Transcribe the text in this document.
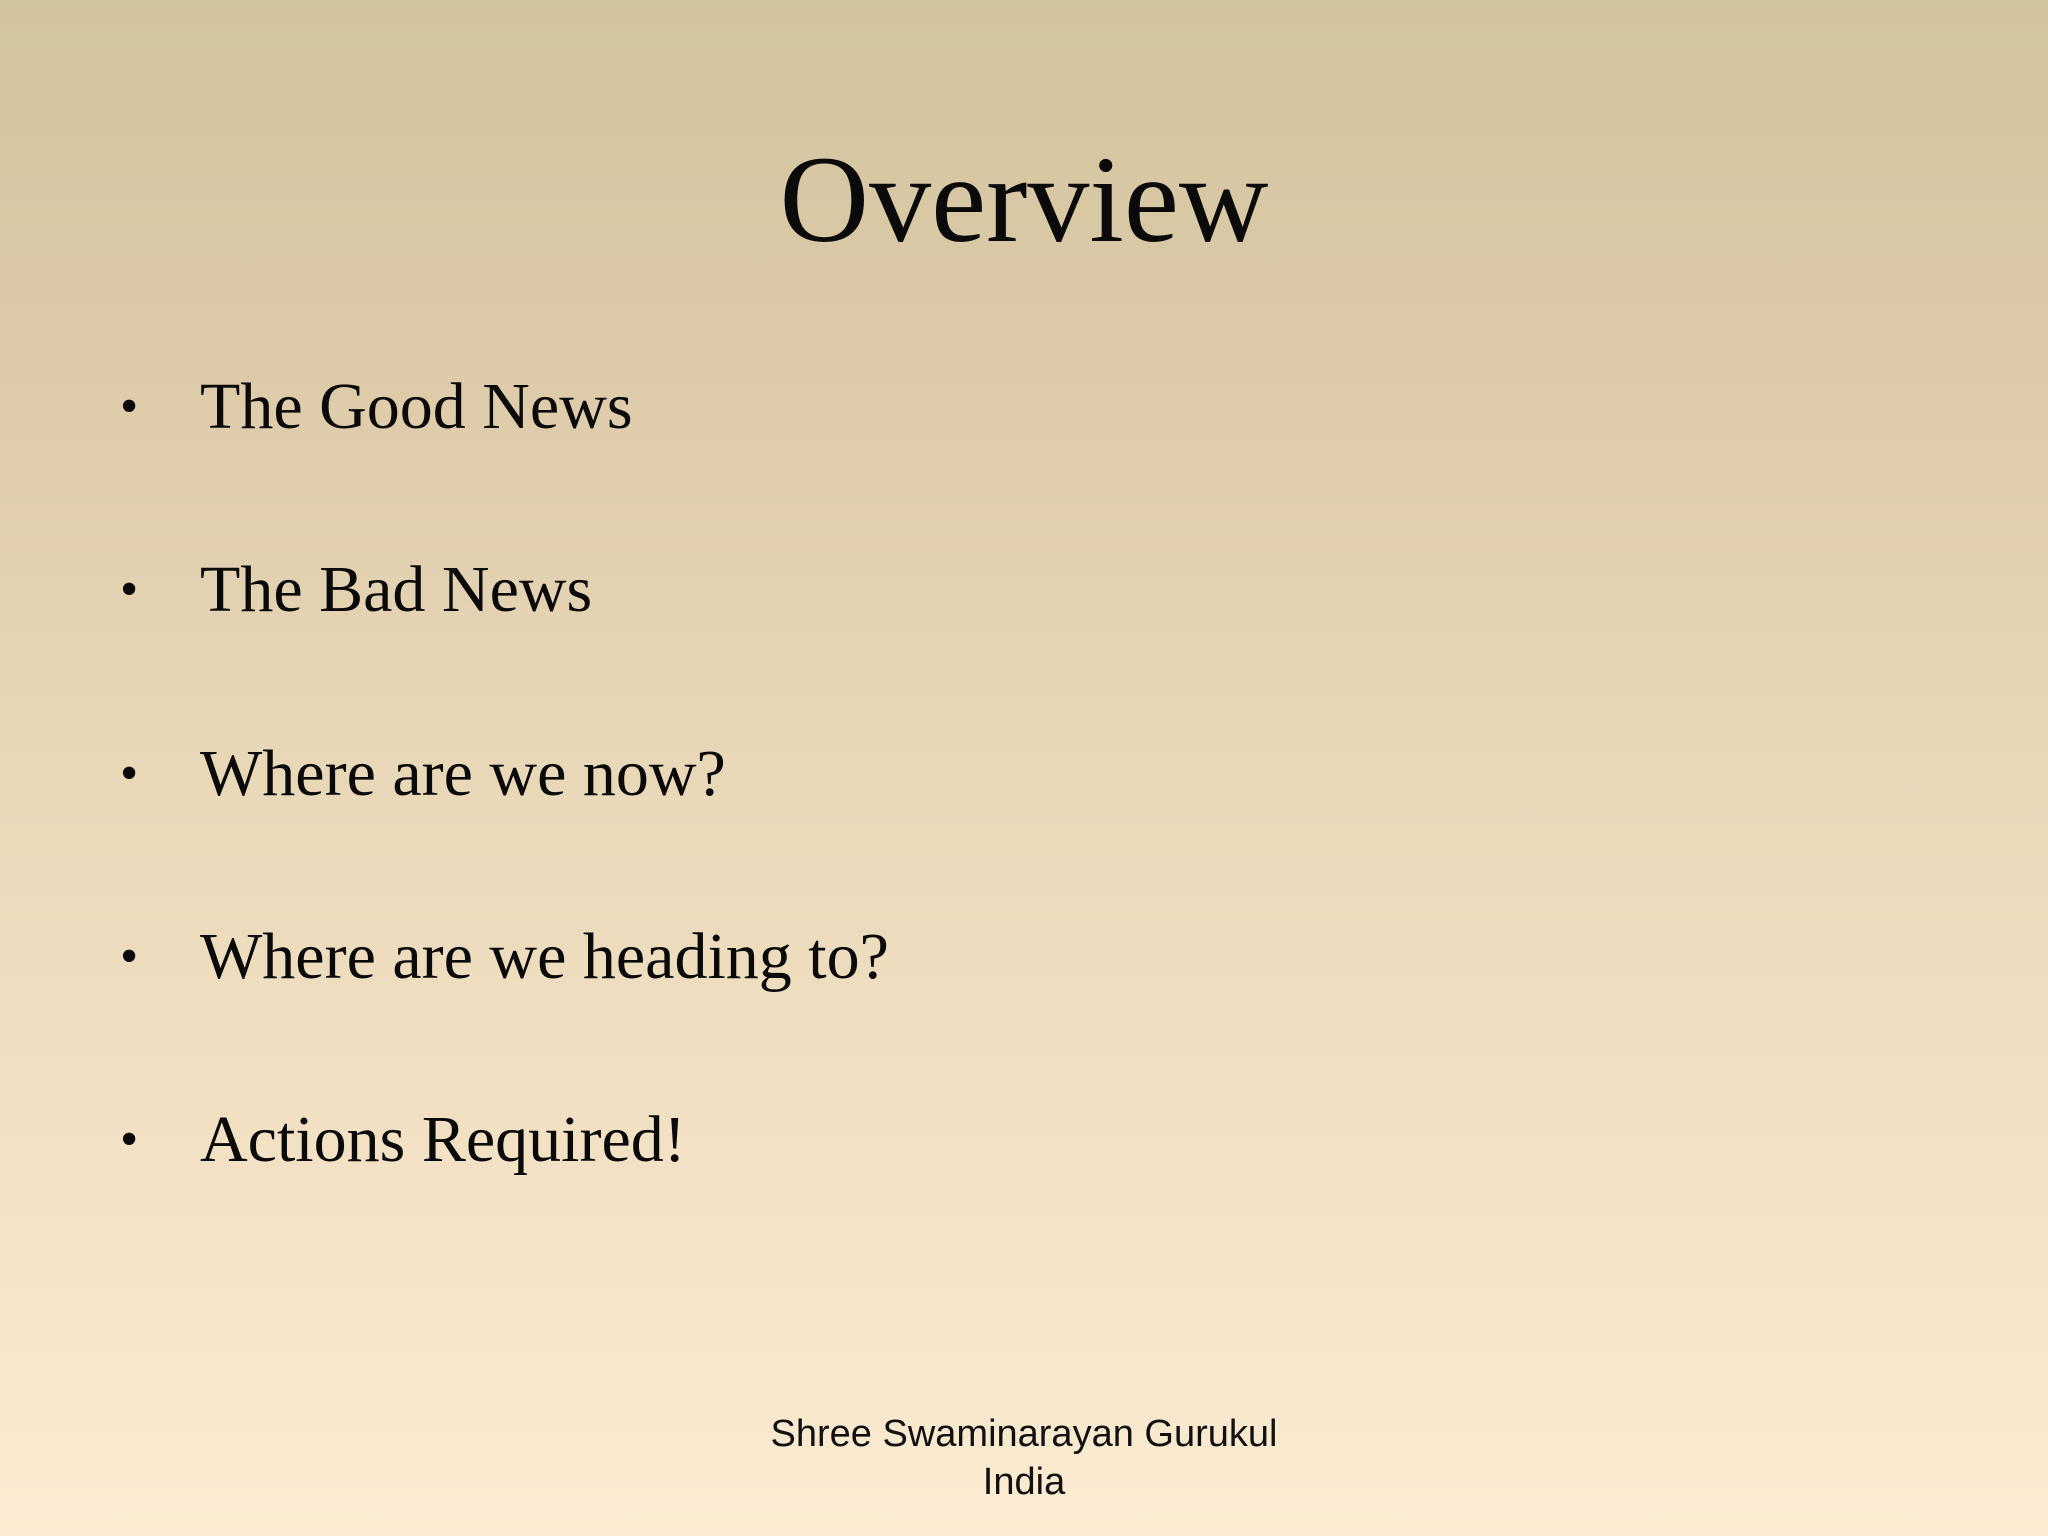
Overview
• The Good News
• The Bad News
• Where are we now?
• Where are we heading to?
• Actions Required!
Shree Swaminarayan Gurukul
India
